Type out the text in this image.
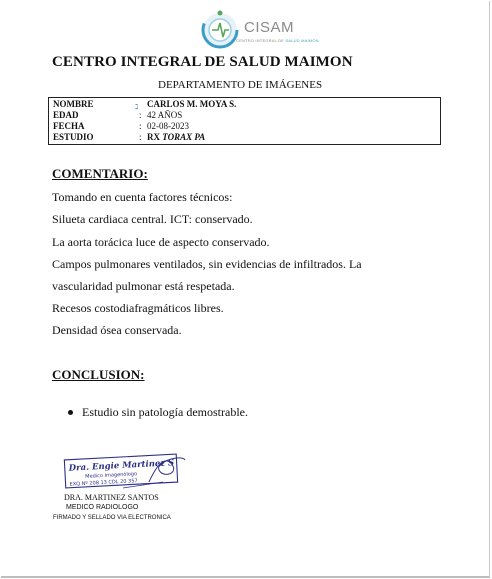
CISAM
CENTRO INTEGRAL DE SALUD MAIMON
CENTRO INTEGRAL DE SALUD MAIMON
DEPARTAMENTO DE IMÁGENES
NOMBRE	ℷ CARLOS M. MOYA S.
EDAD	: 42 AÑOS
FECHA	: 02-08-2023
ESTUDIO	: RX TORAX PA
COMENTARIO:
Tomando en cuenta factores técnicos:
Silueta cardiaca central. ICT: conservado.
La aorta torácica luce de aspecto conservado.
Campos pulmonares ventilados, sin evidencias de infiltrados. La
vascularidad pulmonar está respetada.
Recesos costodiafragmáticos libres.
Densidad ósea conservada.
CONCLUSION:
Estudio sin patología demostrable.
Dra. Engie Martinez S
Medico Imagenólogo
EXQ Nº 208 13 CDL 20 357
DRA. MARTINEZ SANTOS
MEDICO RADIOLOGO
FIRMADO Y SELLADO VIA ELECTRONICA
